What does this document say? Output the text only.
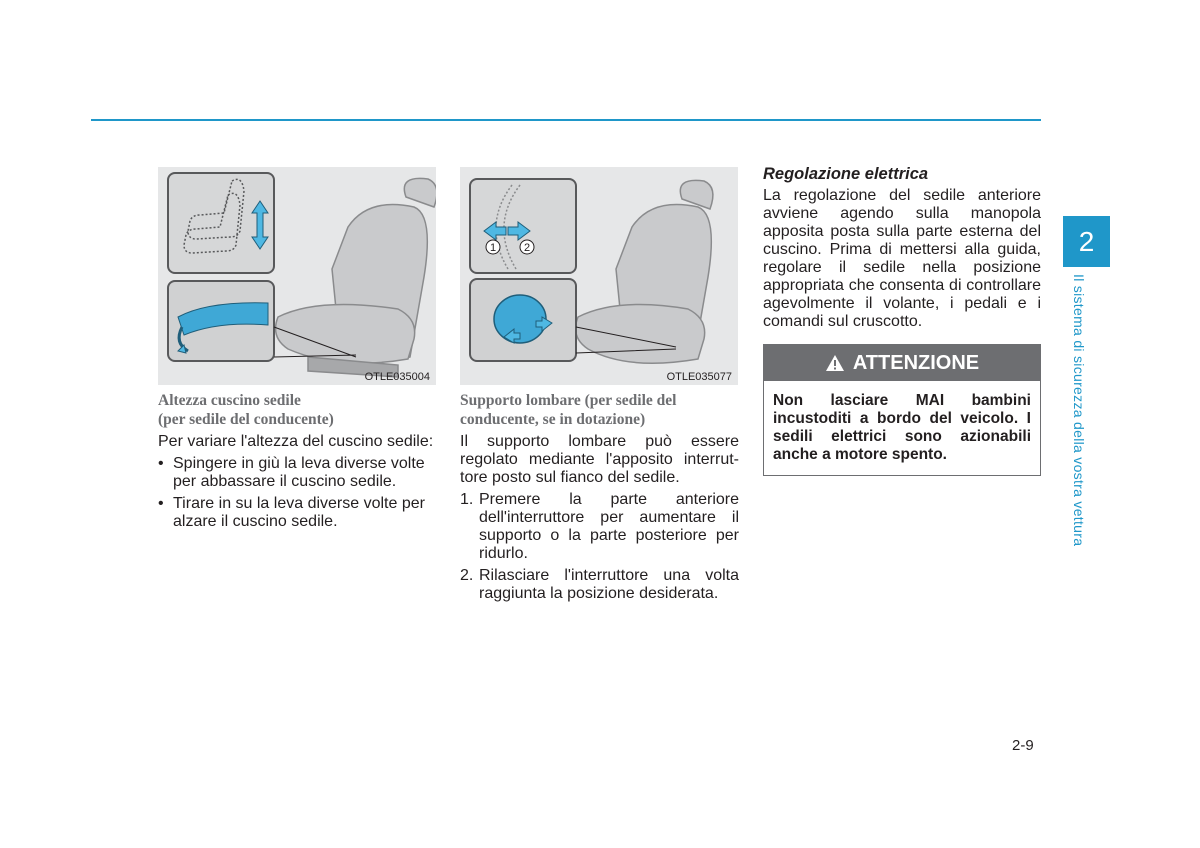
OTLE035004
1	2
OTLE035077
Altezza cuscino sedile
(per sedile del conducente)

Per variare l'altezza del cuscino sedile:

• Spingere in giù la leva diverse volte per abbassare il cuscino sedile.
• Tirare in su la leva diverse volte per alzare il cuscino sedile.
Supporto lombare (per sedile del
conducente, se in dotazione)

Il supporto lombare può essere regolato mediante l'apposito interrut-tore posto sul fianco del sedile.

1. Premere la parte anteriore dell'interruttore per aumentare il supporto o la parte posteriore per ridurlo.
2. Rilasciare l'interruttore una volta raggiunta la posizione desiderata.
Regolazione elettrica

La regolazione del sedile anteriore avviene agendo sulla manopola apposita posta sulla parte esterna del cuscino. Prima di mettersi alla guida, regolare il sedile nella posizione appropriata che consenta di controllare agevolmente il volante, i pedali e i comandi sul cruscotto.

ATTENZIONE
Non lasciare MAI bambini incustoditi a bordo del veicolo. I sedili elettrici sono azionabili anche a motore spento.
2
Il sistema di sicurezza della vostra vettura
2-9
